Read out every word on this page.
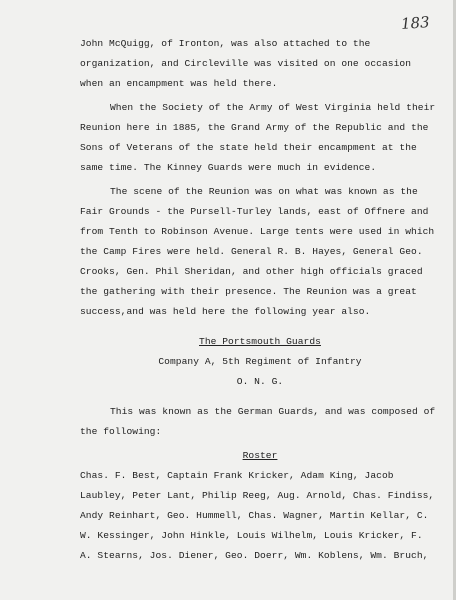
183

John McQuigg, of Ironton, was also attached to the organization, and Circleville was visited on one occasion when an encampment was held there.

When the Society of the Army of West Virginia held their Reunion here in 1885, the Grand Army of the Republic and the Sons of Veterans of the state held their encampment at the same time. The Kinney Guards were much in evidence.

The scene of the Reunion was on what was known as the Fair Grounds - the Pursell-Turley lands, east of Offnere and from Tenth to Robinson Avenue. Large tents were used in which the Camp Fires were held. General R. B. Hayes, General Geo. Crooks, Gen. Phil Sheridan, and other high officials graced the gathering with their presence. The Reunion was a great success,and was held here the following year also.

The Portsmouth Guards

Company A, 5th Regiment of Infantry

O. N. G.

This was known as the German Guards, and was composed of the following:

Roster

Chas. F. Best, Captain Frank Kricker, Adam King, Jacob Laubley, Peter Lant, Philip Reeg, Aug. Arnold, Chas. Findiss, Andy Reinhart, Geo. Hummell, Chas. Wagner, Martin Kellar, C. W. Kessinger, John Hinkle, Louis Wilhelm, Louis Kricker, F. A. Stearns, Jos. Diener, Geo. Doerr, Wm. Koblens, Wm. Bruch,
